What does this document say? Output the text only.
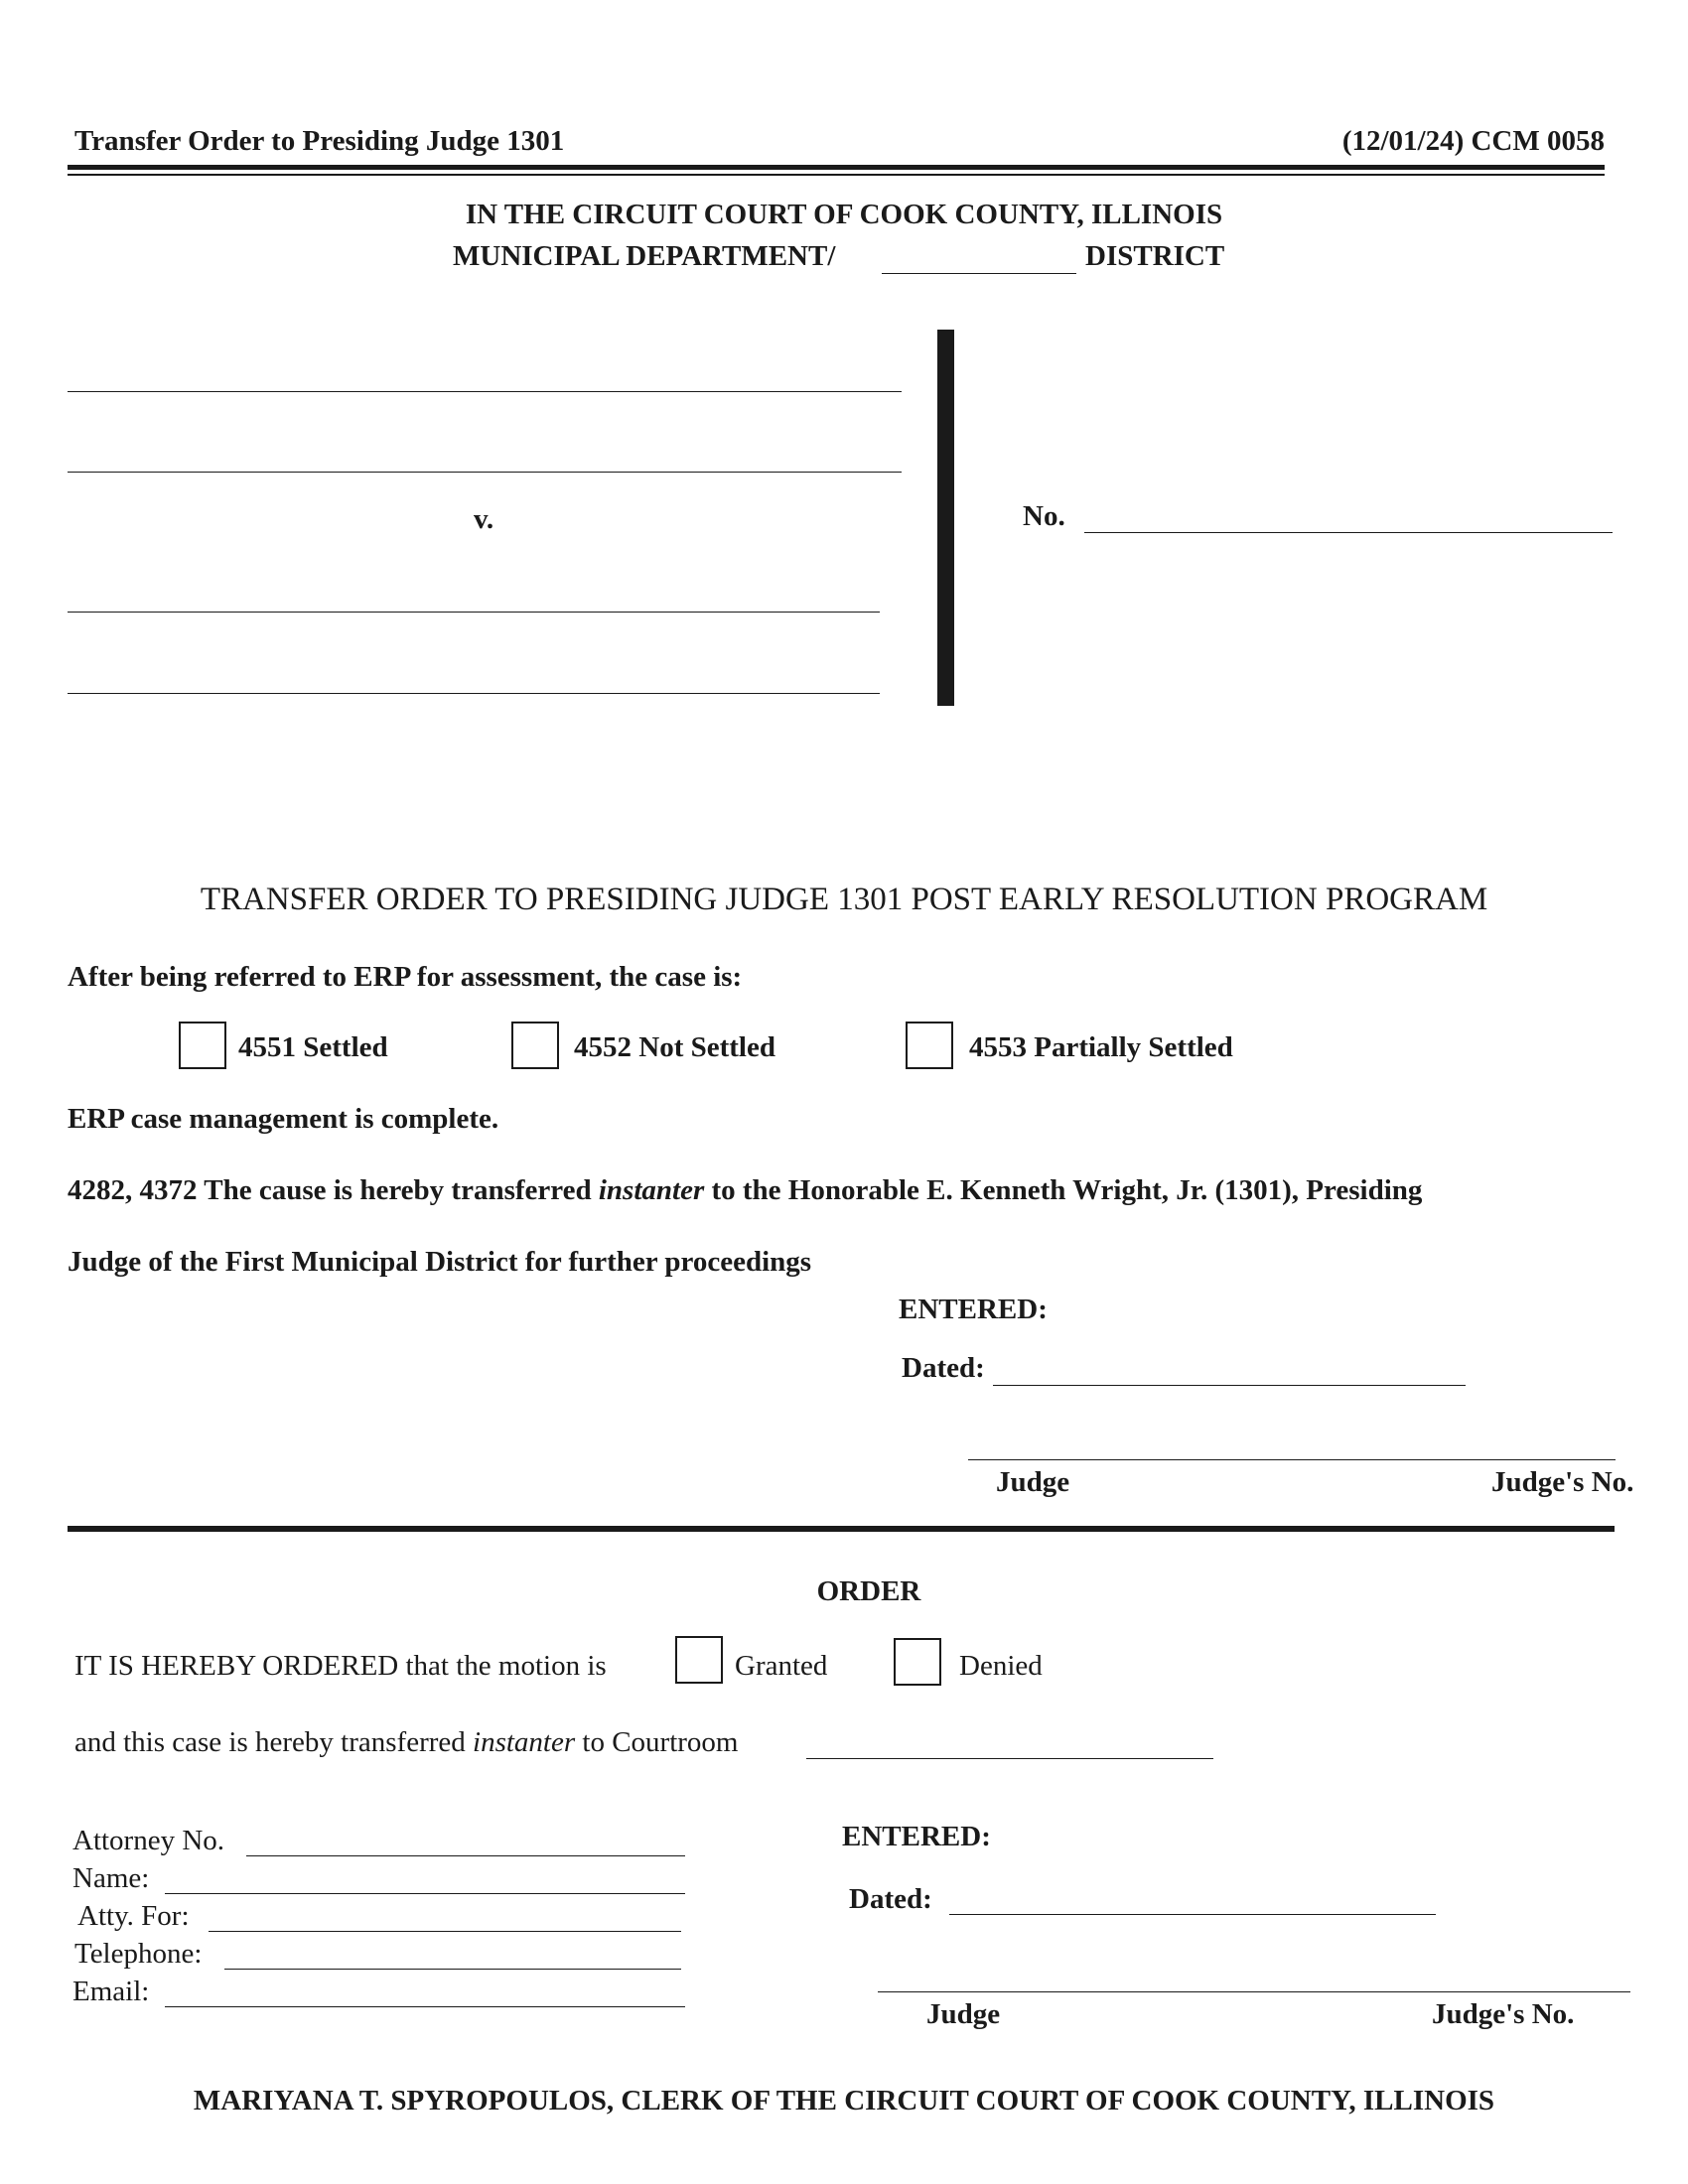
Transfer Order to Presiding Judge 1301	(12/01/24) CCM 0058
IN THE CIRCUIT COURT OF COOK COUNTY, ILLINOIS
MUNICIPAL DEPARTMENT/	DISTRICT
v.	No.
TRANSFER ORDER TO PRESIDING JUDGE 1301 POST EARLY RESOLUTION PROGRAM
After being referred to ERP for assessment, the case is:
4551 Settled	4552 Not Settled	4553 Partially Settled
ERP case management is complete.
4282, 4372 The cause is hereby transferred instanter to the Honorable E. Kenneth Wright, Jr. (1301), Presiding
Judge of the First Municipal District for further proceedings
ENTERED:
Dated:
Judge	Judge's No.
ORDER
IT IS HEREBY ORDERED that the motion is	Granted	Denied
and this case is hereby transferred instanter to Courtroom
Attorney No.
Name:
Atty. For:
Telephone:
Email:
ENTERED:
Dated:
Judge	Judge's No.
MARIYANA T. SPYROPOULOS, CLERK OF THE CIRCUIT COURT OF COOK COUNTY, ILLINOIS
